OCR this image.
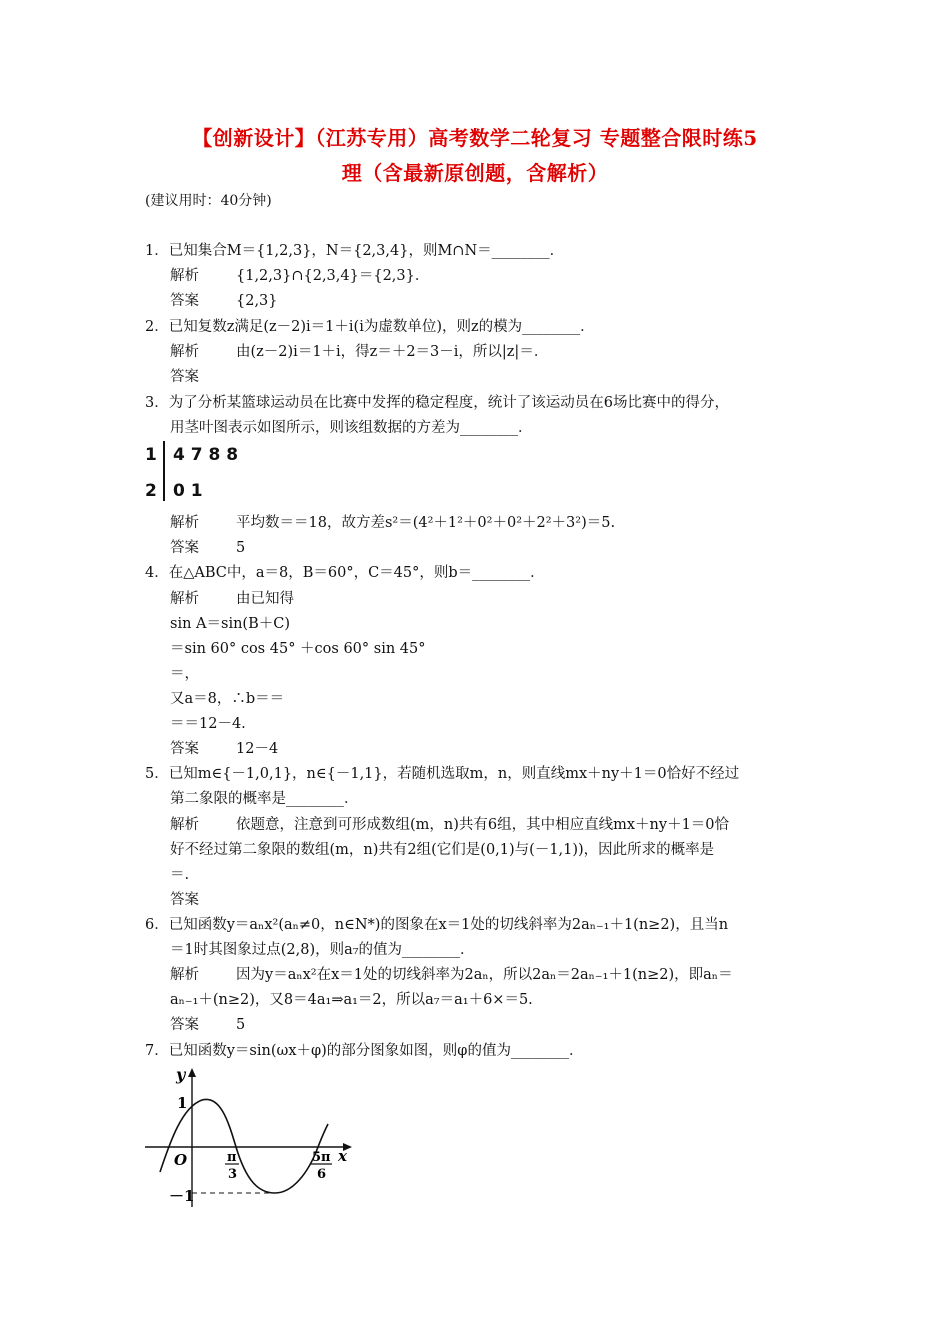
【创新设计】（江苏专用）高考数学二轮复习 专题整合限时练5
理（含最新原创题，含解析）
(建议用时：40分钟)
1．已知集合M＝{1,2,3}，N＝{2,3,4}，则M∩N＝________．
解析	{1,2,3}∩{2,3,4}＝{2,3}．
答案	{2,3}
2．已知复数z满足(z－2)i＝1＋i(i为虚数单位)，则z的模为________．
解析	由(z－2)i＝1＋i，得z＝＋2＝3－i，所以|z|＝．
答案
3．为了分析某篮球运动员在比赛中发挥的稳定程度，统计了该运动员在6场比赛中的得分，
用茎叶图表示如图所示，则该组数据的方差为________．
1 4 7 8 8
2 0 1
解析	平均数＝＝18，故方差s²＝(4²＋1²＋0²＋0²＋2²＋3²)＝5.
答案	5
4．在△ABC中，a＝8，B＝60°，C＝45°，则b＝________．
解析	由已知得
sin A＝sin(B＋C)
＝sin 60° cos 45° ＋cos 60° sin 45°
＝，
又a＝8，∴b＝＝
＝＝12－4.
答案	12－4
5．已知m∈{－1,0,1}，n∈{－1,1}，若随机选取m，n，则直线mx＋ny＋1＝0恰好不经过
第二象限的概率是________．
解析	依题意，注意到可形成数组(m，n)共有6组，其中相应直线mx＋ny＋1＝0恰
好不经过第二象限的数组(m，n)共有2组(它们是(0,1)与(－1,1))，因此所求的概率是
＝.
答案
6．已知函数y＝aₙx²(aₙ≠0，n∈N*)的图象在x＝1处的切线斜率为2aₙ₋₁＋1(n≥2)，且当n
＝1时其图象过点(2,8)，则a₇的值为________．
解析	因为y＝aₙx²在x＝1处的切线斜率为2aₙ，所以2aₙ＝2aₙ₋₁＋1(n≥2)，即aₙ＝
aₙ₋₁＋(n≥2)，又8＝4a₁⇒a₁＝2，所以a₇＝a₁＋6×＝5.
答案	5
7．已知函数y＝sin(ωx＋φ)的部分图象如图，则φ的值为________．
y
1
O
－1
π
3
5π
6
x
